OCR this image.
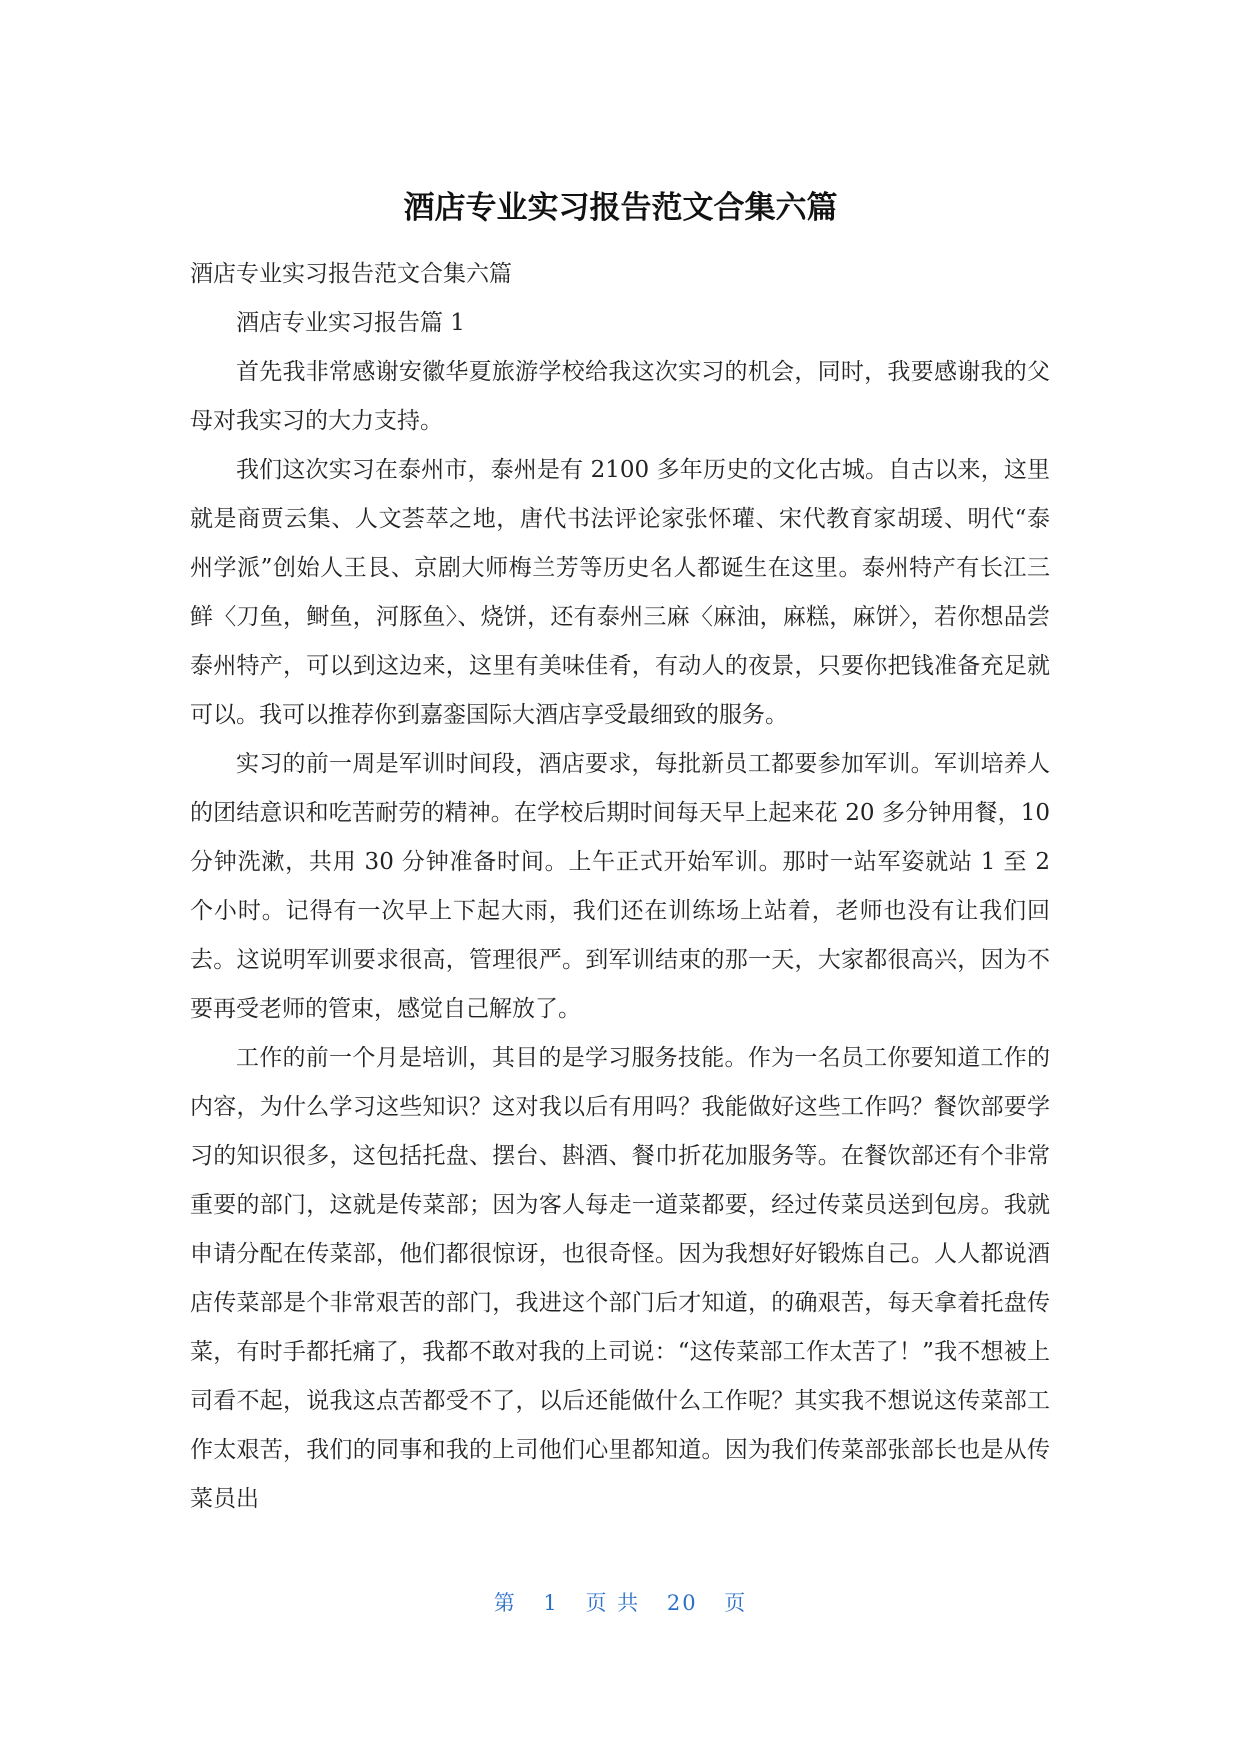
酒店专业实习报告范文合集六篇

酒店专业实习报告范文合集六篇

酒店专业实习报告篇 1

首先我非常感谢安徽华夏旅游学校给我这次实习的机会，同时，我要感谢我的父母对我实习的大力支持。

我们这次实习在泰州市，泰州是有 2100 多年历史的文化古城。自古以来，这里就是商贾云集、人文荟萃之地，唐代书法评论家张怀瓘、宋代教育家胡瑗、明代“泰州学派”创始人王艮、京剧大师梅兰芳等历史名人都诞生在这里。泰州特产有长江三鲜〈刀鱼，鲥鱼，河豚鱼〉、烧饼，还有泰州三麻〈麻油，麻糕，麻饼〉，若你想品尝泰州特产，可以到这边来，这里有美味佳肴，有动人的夜景，只要你把钱准备充足就可以。我可以推荐你到嘉銮国际大酒店享受最细致的服务。

实习的前一周是军训时间段，酒店要求，每批新员工都要参加军训。军训培养人的团结意识和吃苦耐劳的精神。在学校后期时间每天早上起来花 20 多分钟用餐，10 分钟洗漱，共用 30 分钟准备时间。上午正式开始军训。那时一站军姿就站 1 至 2 个小时。记得有一次早上下起大雨，我们还在训练场上站着，老师也没有让我们回去。这说明军训要求很高，管理很严。到军训结束的那一天，大家都很高兴，因为不要再受老师的管束，感觉自己解放了。

工作的前一个月是培训，其目的是学习服务技能。作为一名员工你要知道工作的内容，为什么学习这些知识？这对我以后有用吗？我能做好这些工作吗？餐饮部要学习的知识很多，这包括托盘、摆台、斟酒、餐巾折花加服务等。在餐饮部还有个非常重要的部门，这就是传菜部；因为客人每走一道菜都要，经过传菜员送到包房。我就申请分配在传菜部，他们都很惊讶，也很奇怪。因为我想好好锻炼自己。人人都说酒店传菜部是个非常艰苦的部门，我进这个部门后才知道，的确艰苦，每天拿着托盘传菜，有时手都托痛了，我都不敢对我的上司说：“这传菜部工作太苦了！”我不想被上司看不起，说我这点苦都受不了，以后还能做什么工作呢？其实我不想说这传菜部工作太艰苦，我们的同事和我的上司他们心里都知道。因为我们传菜部张部长也是从传菜员出

第 1 页 共 20 页
